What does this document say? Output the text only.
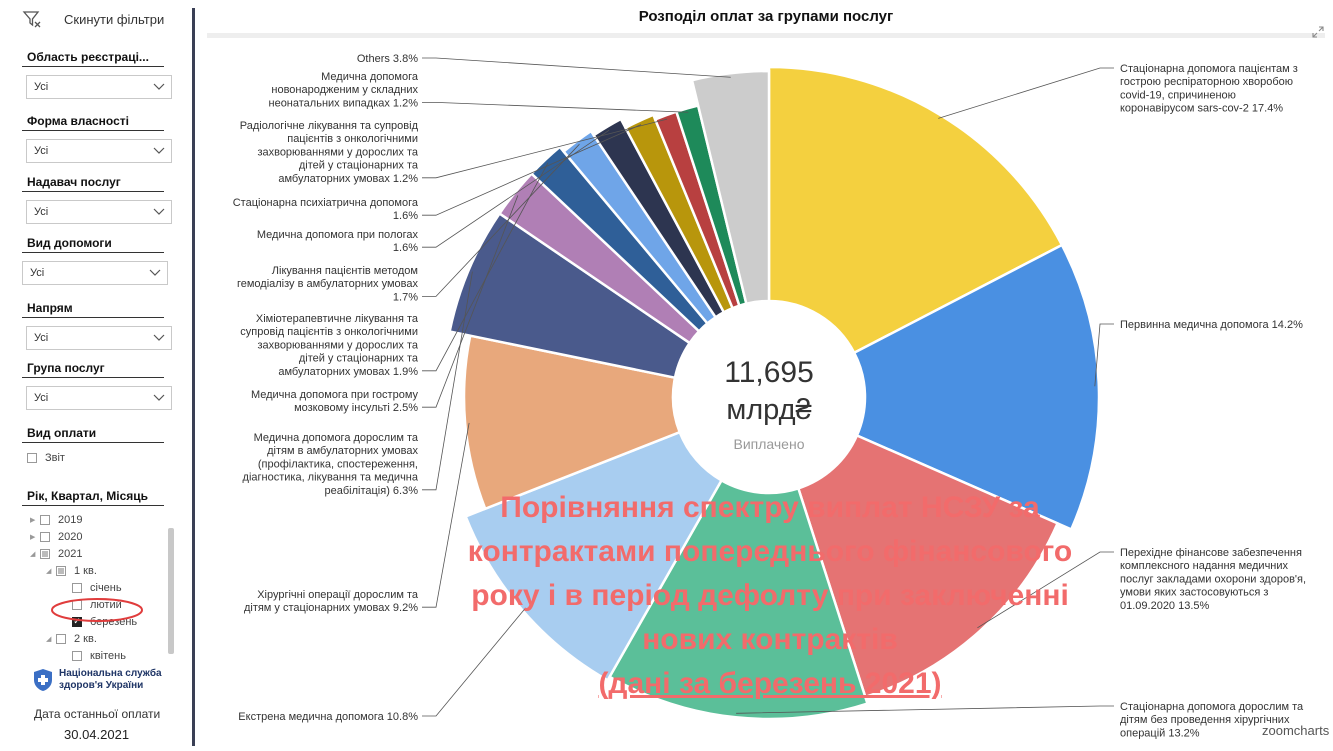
Скинути фільтри
Область реєстраці...
Усі
Форма власності
Усі
Надавач послуг
Усі
Вид допомоги
Усі
Напрям
Усі
Група послуг
Усі
Вид оплати
Звіт
Рік, Квартал, Місяць
▶	2019
▶	2020
◢	2021
◢	1 кв.
січень
лютий
✓
березень
◢	2 кв.
квітень
Національна служба
здоров'я України
Дата останньої оплати
30.04.2021
Розподіл оплат за групами послуг
11,695
млрд₴
Виплачено
Стаціонарна допомога пацієнтам з
гострою респіраторною хворобою
covid-19, спричиненою
коронавірусом sars-cov-2 17.4%
Первинна медична допомога 14.2%
Перехідне фінансове забезпечення
комплексного надання медичних
послуг закладами охорони здоров'я,
умови яких застосовуються з
01.09.2020 13.5%
Стаціонарна допомога дорослим та
дітям без проведення хірургічних
операцій 13.2%
Екстрена медична допомога 10.8%
Хірургічні операції дорослим та
дітям у стаціонарних умовах 9.2%
Медична допомога дорослим та
дітям в амбулаторних умовах
(профілактика, спостереження,
діагностика, лікування та медична
реабілітація) 6.3%
Медична допомога при гострому
мозковому інсульті 2.5%
Хіміотерапевтичне лікування та
супровід пацієнтів з онкологічними
захворюваннями у дорослих та
дітей у стаціонарних та
амбулаторних умовах 1.9%
Лікування пацієнтів методом
гемодіалізу в амбулаторних умовах
1.7%
Медична допомога при пологах
1.6%
Стаціонарна психіатрична допомога
1.6%
Радіологічне лікування та супровід
пацієнтів з онкологічними
захворюваннями у дорослих та
дітей у стаціонарних та
амбулаторних умовах 1.2%
Медична допомога
новонародженим у складних
неонатальних випадках 1.2%
Others 3.8%
Порівняння спектру виплат НСЗУ за
контрактами попереднього фінансового
року і в період дефолту при заключенні
нових контрактів
(дані за березень 2021)
zoomcharts
